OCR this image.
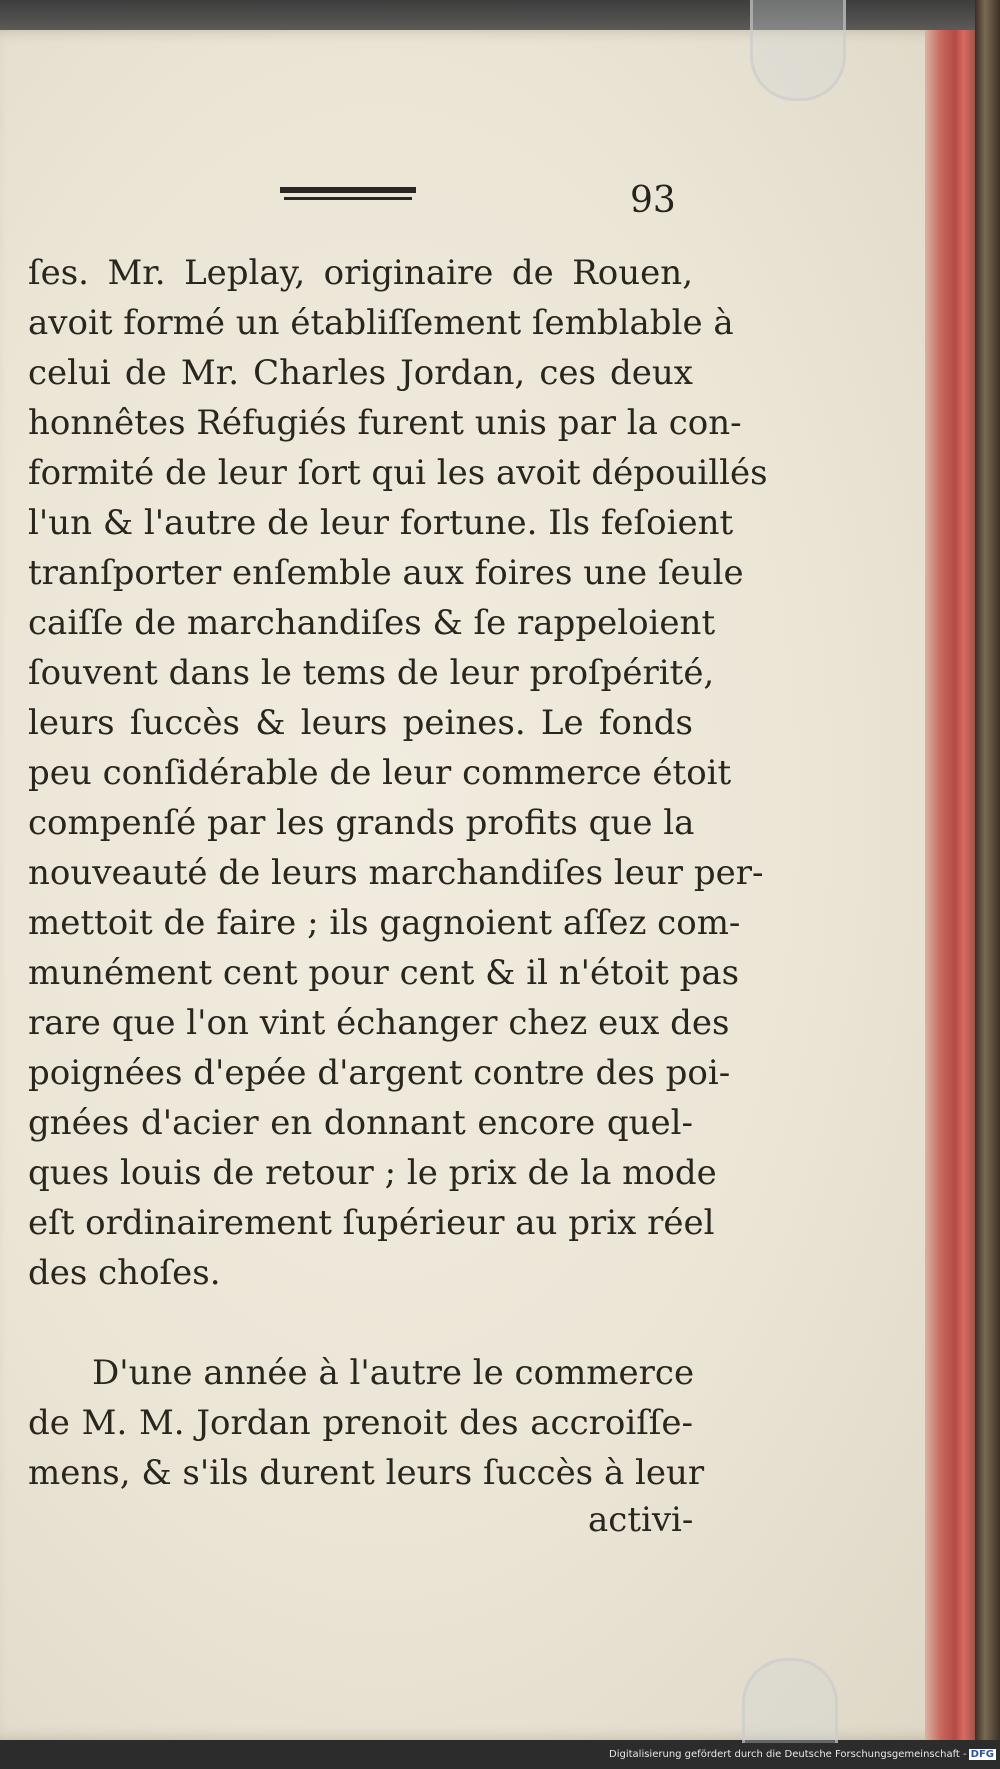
93
ſes. Mr. Leplay, originaire de Rouen,
avoit formé un établiſſement ſemblable à
celui de Mr. Charles Jordan, ces deux
honnêtes Réfugiés furent unis par la con-
formité de leur ſort qui les avoit dépouillés
l'un & l'autre de leur fortune. Ils feſoient
tranſporter enſemble aux foires une ſeule
caiſſe de marchandiſes & ſe rappeloient
ſouvent dans le tems de leur proſpérité,
leurs ſuccès & leurs peines. Le fonds
peu conſidérable de leur commerce étoit
compenſé par les grands profits que la
nouveauté de leurs marchandiſes leur per-
mettoit de faire ; ils gagnoient aſſez com-
munément cent pour cent & il n'étoit pas
rare que l'on vint échanger chez eux des
poignées d'epée d'argent contre des poi-
gnées d'acier en donnant encore quel-
ques louis de retour ; le prix de la mode
eſt ordinairement ſupérieur au prix réel
des choſes.
D'une année à l'autre le commerce
de M. M. Jordan prenoit des accroiſſe-
mens, & s'ils durent leurs ſuccès à leur
activi-
Digitalisierung gefördert durch die Deutsche Forschungsgemeinschaft - DFG
